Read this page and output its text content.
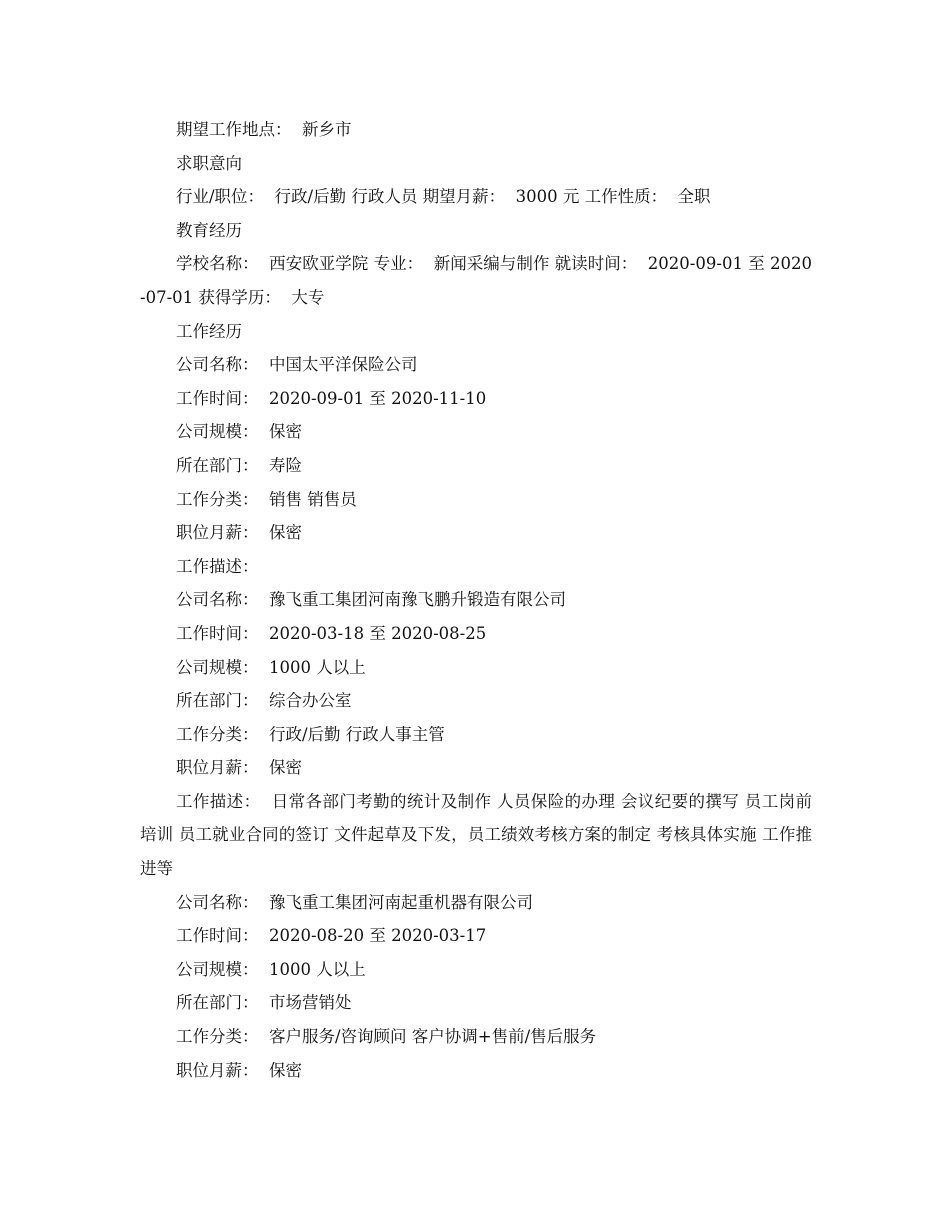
期望工作地点：  新乡市
求职意向
行业/职位：  行政/后勤 行政人员 期望月薪：  3000 元 工作性质：  全职
教育经历
学校名称：  西安欧亚学院 专业：  新闻采编与制作 就读时间：  2020-09-01 至 2020-07-01 获得学历：  大专
工作经历
公司名称：  中国太平洋保险公司
工作时间：  2020-09-01 至 2020-11-10
公司规模：  保密
所在部门：  寿险
工作分类：  销售 销售员
职位月薪：  保密
工作描述：
公司名称：  豫飞重工集团河南豫飞鹏升锻造有限公司
工作时间：  2020-03-18 至 2020-08-25
公司规模：  1000 人以上
所在部门：  综合办公室
工作分类：  行政/后勤 行政人事主管
职位月薪：  保密
工作描述：  日常各部门考勤的统计及制作 人员保险的办理 会议纪要的撰写 员工岗前培训 员工就业合同的签订 文件起草及下发，员工绩效考核方案的制定 考核具体实施 工作推进等
公司名称：  豫飞重工集团河南起重机器有限公司
工作时间：  2020-08-20 至 2020-03-17
公司规模：  1000 人以上
所在部门：  市场营销处
工作分类：  客户服务/咨询顾问 客户协调+售前/售后服务
职位月薪：  保密
